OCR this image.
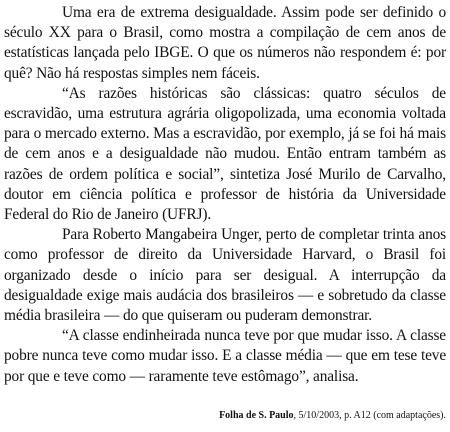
Uma era de extrema desigualdade. Assim pode ser definido o século XX para o Brasil, como mostra a compilação de cem anos de estatísticas lançada pelo IBGE. O que os números não respondem é: por quê? Não há respostas simples nem fáceis.

“As razões históricas são clássicas: quatro séculos de escravidão, uma estrutura agrária oligopolizada, uma economia voltada para o mercado externo. Mas a escravidão, por exemplo, já se foi há mais de cem anos e a desigualdade não mudou. Então entram também as razões de ordem política e social”, sintetiza José Murilo de Carvalho, doutor em ciência política e professor de história da Universidade Federal do Rio de Janeiro (UFRJ).

Para Roberto Mangabeira Unger, perto de completar trinta anos como professor de direito da Universidade Harvard, o Brasil foi organizado desde o início para ser desigual. A interrupção da desigualdade exige mais audácia dos brasileiros — e sobretudo da classe média brasileira — do que quiseram ou puderam demonstrar.

“A classe endinheirada nunca teve por que mudar isso. A classe pobre nunca teve como mudar isso. E a classe média — que em tese teve por que e teve como — raramente teve estômago”, analisa.

Folha de S. Paulo, 5/10/2003, p. A12 (com adaptações).
